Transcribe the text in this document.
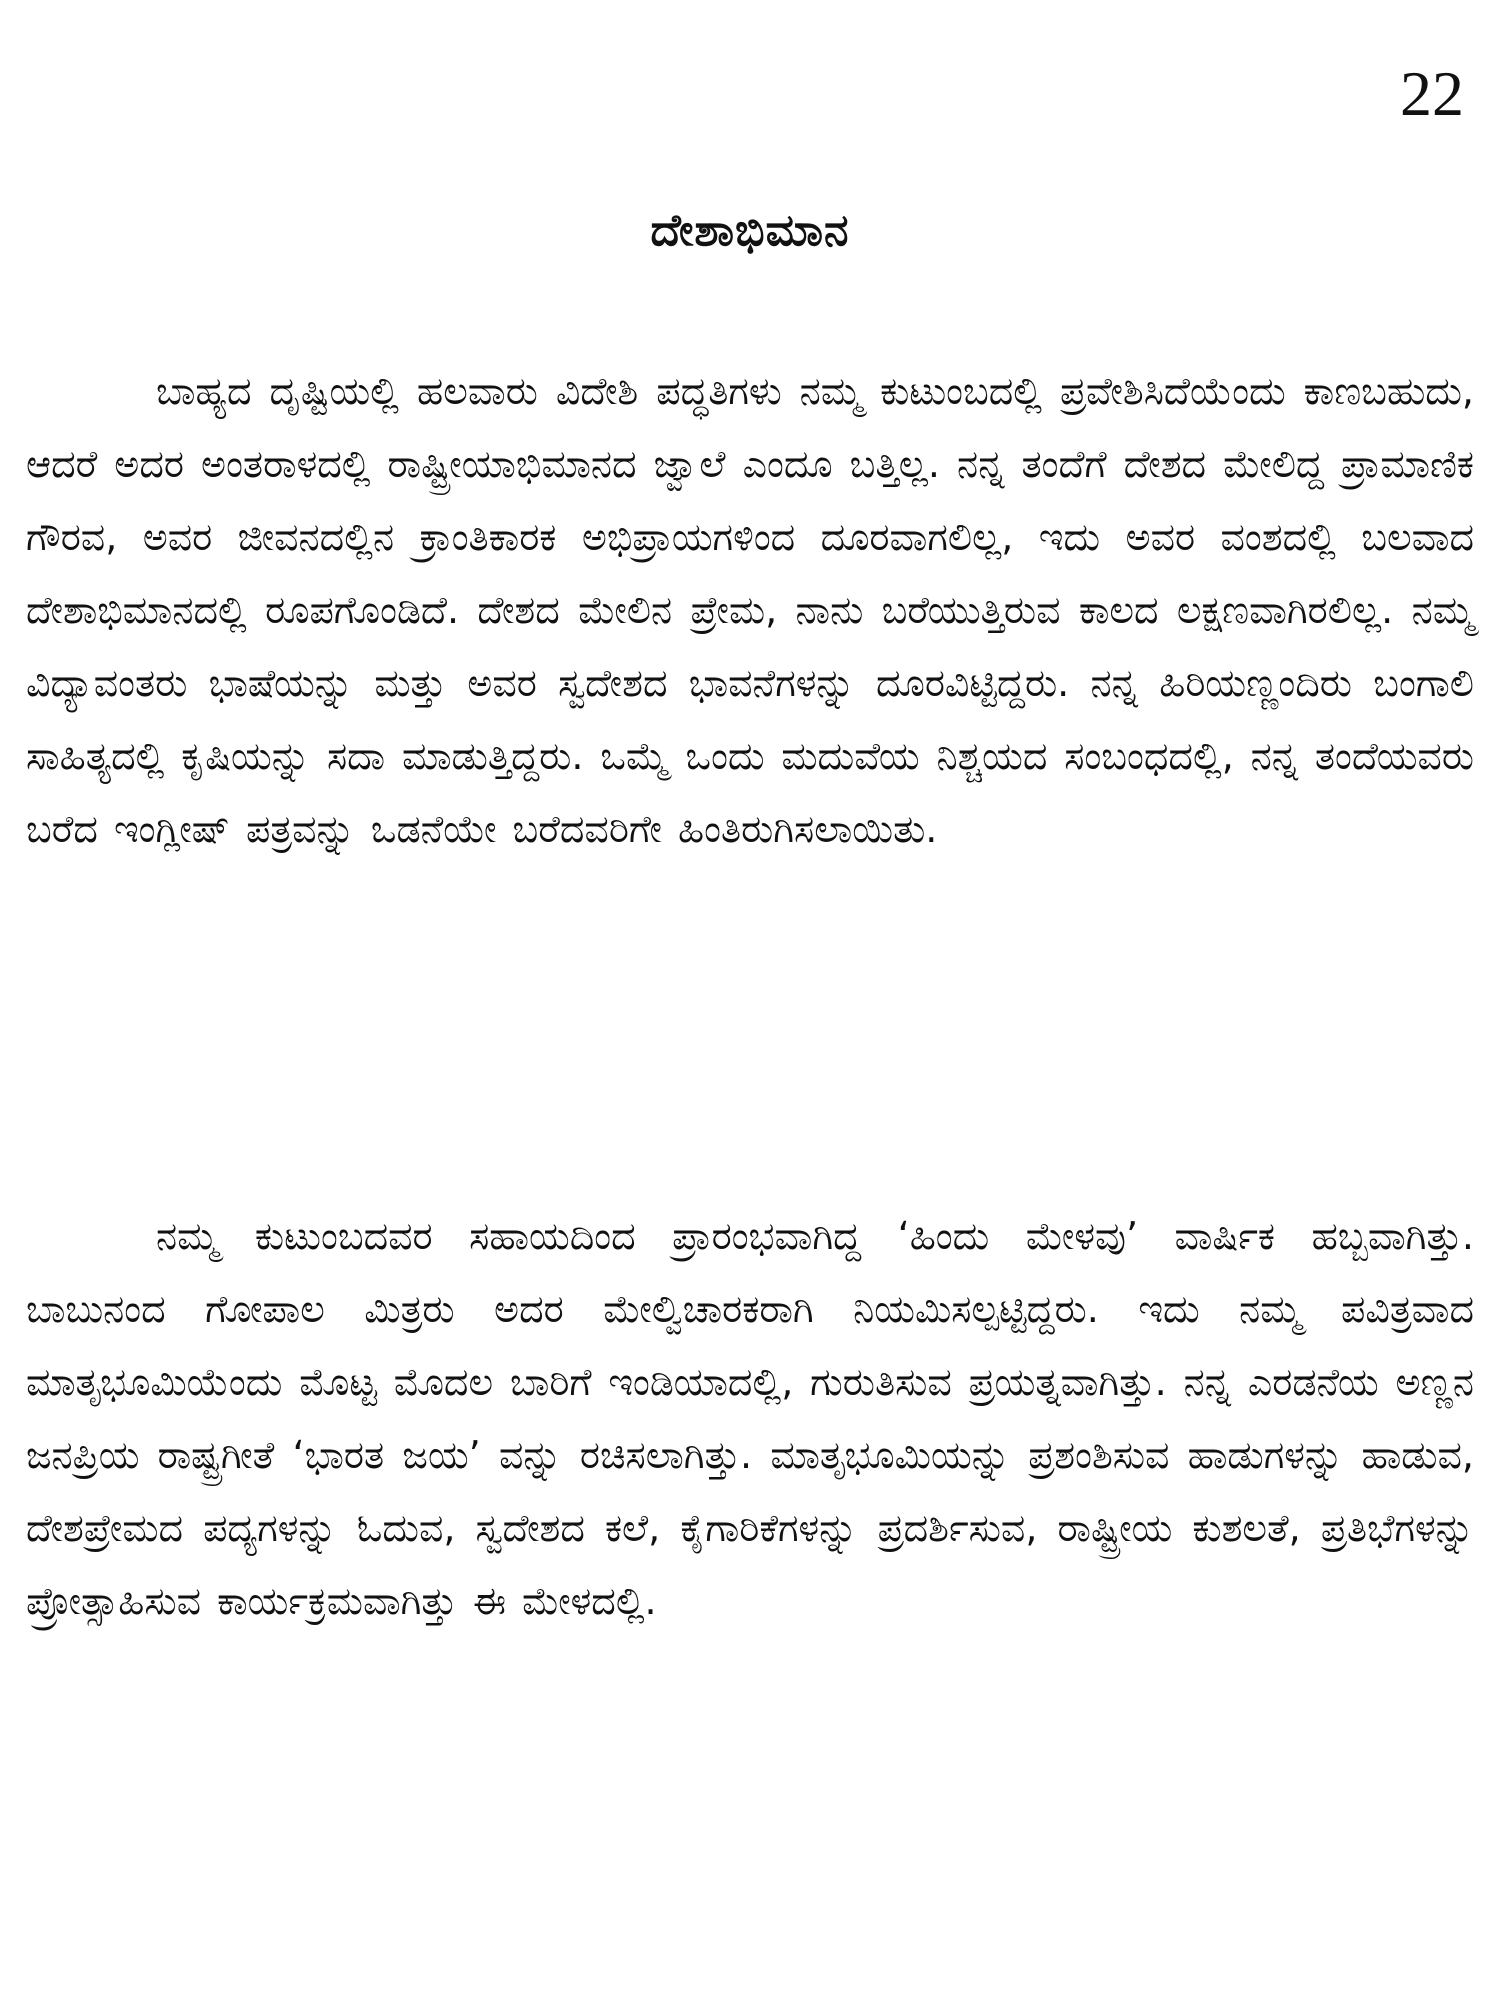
22
ದೇಶಾಭಿಮಾನ

ಬಾಹ್ಯದ ದೃಷ್ಟಿಯಲ್ಲಿ ಹಲವಾರು ವಿದೇಶಿ ಪದ್ಧತಿಗಳು ನಮ್ಮ ಕುಟುಂಬದಲ್ಲಿ ಪ್ರವೇಶಿಸಿದೆಯೆಂದು ಕಾಣಬಹುದು, ಆದರೆ ಅದರ ಅಂತರಾಳದಲ್ಲಿ ರಾಷ್ಟ್ರೀಯಾಭಿಮಾನದ ಜ್ವಾಲೆ ಎಂದೂ ಬತ್ತಿಲ್ಲ. ನನ್ನ ತಂದೆಗೆ ದೇಶದ ಮೇಲಿದ್ದ ಪ್ರಾಮಾಣಿಕ ಗೌರವ, ಅವರ ಜೀವನದಲ್ಲಿನ ಕ್ರಾಂತಿಕಾರಕ ಅಭಿಪ್ರಾಯಗಳಿಂದ ದೂರವಾಗಲಿಲ್ಲ, ಇದು ಅವರ ವಂಶದಲ್ಲಿ ಬಲವಾದ ದೇಶಾಭಿಮಾನದಲ್ಲಿ ರೂಪಗೊಂಡಿದೆ. ದೇಶದ ಮೇಲಿನ ಪ್ರೇಮ, ನಾನು ಬರೆಯುತ್ತಿರುವ ಕಾಲದ ಲಕ್ಷಣವಾಗಿರಲಿಲ್ಲ. ನಮ್ಮ ವಿದ್ಯಾವಂತರು ಭಾಷೆಯನ್ನು ಮತ್ತು ಅವರ ಸ್ವದೇಶದ ಭಾವನೆಗಳನ್ನು ದೂರವಿಟ್ಟಿದ್ದರು. ನನ್ನ ಹಿರಿಯಣ್ಣಂದಿರು ಬಂಗಾಲಿ ಸಾಹಿತ್ಯದಲ್ಲಿ ಕೃಷಿಯನ್ನು ಸದಾ ಮಾಡುತ್ತಿದ್ದರು. ಒಮ್ಮೆ ಒಂದು ಮದುವೆಯ ನಿಶ್ಚಯದ ಸಂಬಂಧದಲ್ಲಿ, ನನ್ನ ತಂದೆಯವರು ಬರೆದ ಇಂಗ್ಲೀಷ್ ಪತ್ರವನ್ನು ಒಡನೆಯೇ ಬರೆದವರಿಗೇ ಹಿಂತಿರುಗಿಸಲಾಯಿತು.

ನಮ್ಮ ಕುಟುಂಬದವರ ಸಹಾಯದಿಂದ ಪ್ರಾರಂಭವಾಗಿದ್ದ ‘ಹಿಂದು ಮೇಳವು’ ವಾರ್ಷಿಕ ಹಬ್ಬವಾಗಿತ್ತು. ಬಾಬುನಂದ ಗೋಪಾಲ ಮಿತ್ರರು ಅದರ ಮೇಲ್ವಿಚಾರಕರಾಗಿ ನಿಯಮಿಸಲ್ಪಟ್ಟಿದ್ದರು. ಇದು ನಮ್ಮ ಪವಿತ್ರವಾದ ಮಾತೃಭೂಮಿಯೆಂದು ಮೊಟ್ಟ ಮೊದಲ ಬಾರಿಗೆ ಇಂಡಿಯಾದಲ್ಲಿ, ಗುರುತಿಸುವ ಪ್ರಯತ್ನವಾಗಿತ್ತು. ನನ್ನ ಎರಡನೆಯ ಅಣ್ಣನ ಜನಪ್ರಿಯ ರಾಷ್ಟ್ರಗೀತೆ ‘ಭಾರತ ಜಯ’ ವನ್ನು ರಚಿಸಲಾಗಿತ್ತು. ಮಾತೃಭೂಮಿಯನ್ನು ಪ್ರಶಂಶಿಸುವ ಹಾಡುಗಳನ್ನು ಹಾಡುವ, ದೇಶಪ್ರೇಮದ ಪದ್ಯಗಳನ್ನು ಓದುವ, ಸ್ವದೇಶದ ಕಲೆ, ಕೈಗಾರಿಕೆಗಳನ್ನು ಪ್ರದರ್ಶಿಸುವ, ರಾಷ್ಟ್ರೀಯ ಕುಶಲತೆ, ಪ್ರತಿಭೆಗಳನ್ನು ಪ್ರೋತ್ಸಾಹಿಸುವ ಕಾರ್ಯಕ್ರಮವಾಗಿತ್ತು ಈ ಮೇಳದಲ್ಲಿ.
